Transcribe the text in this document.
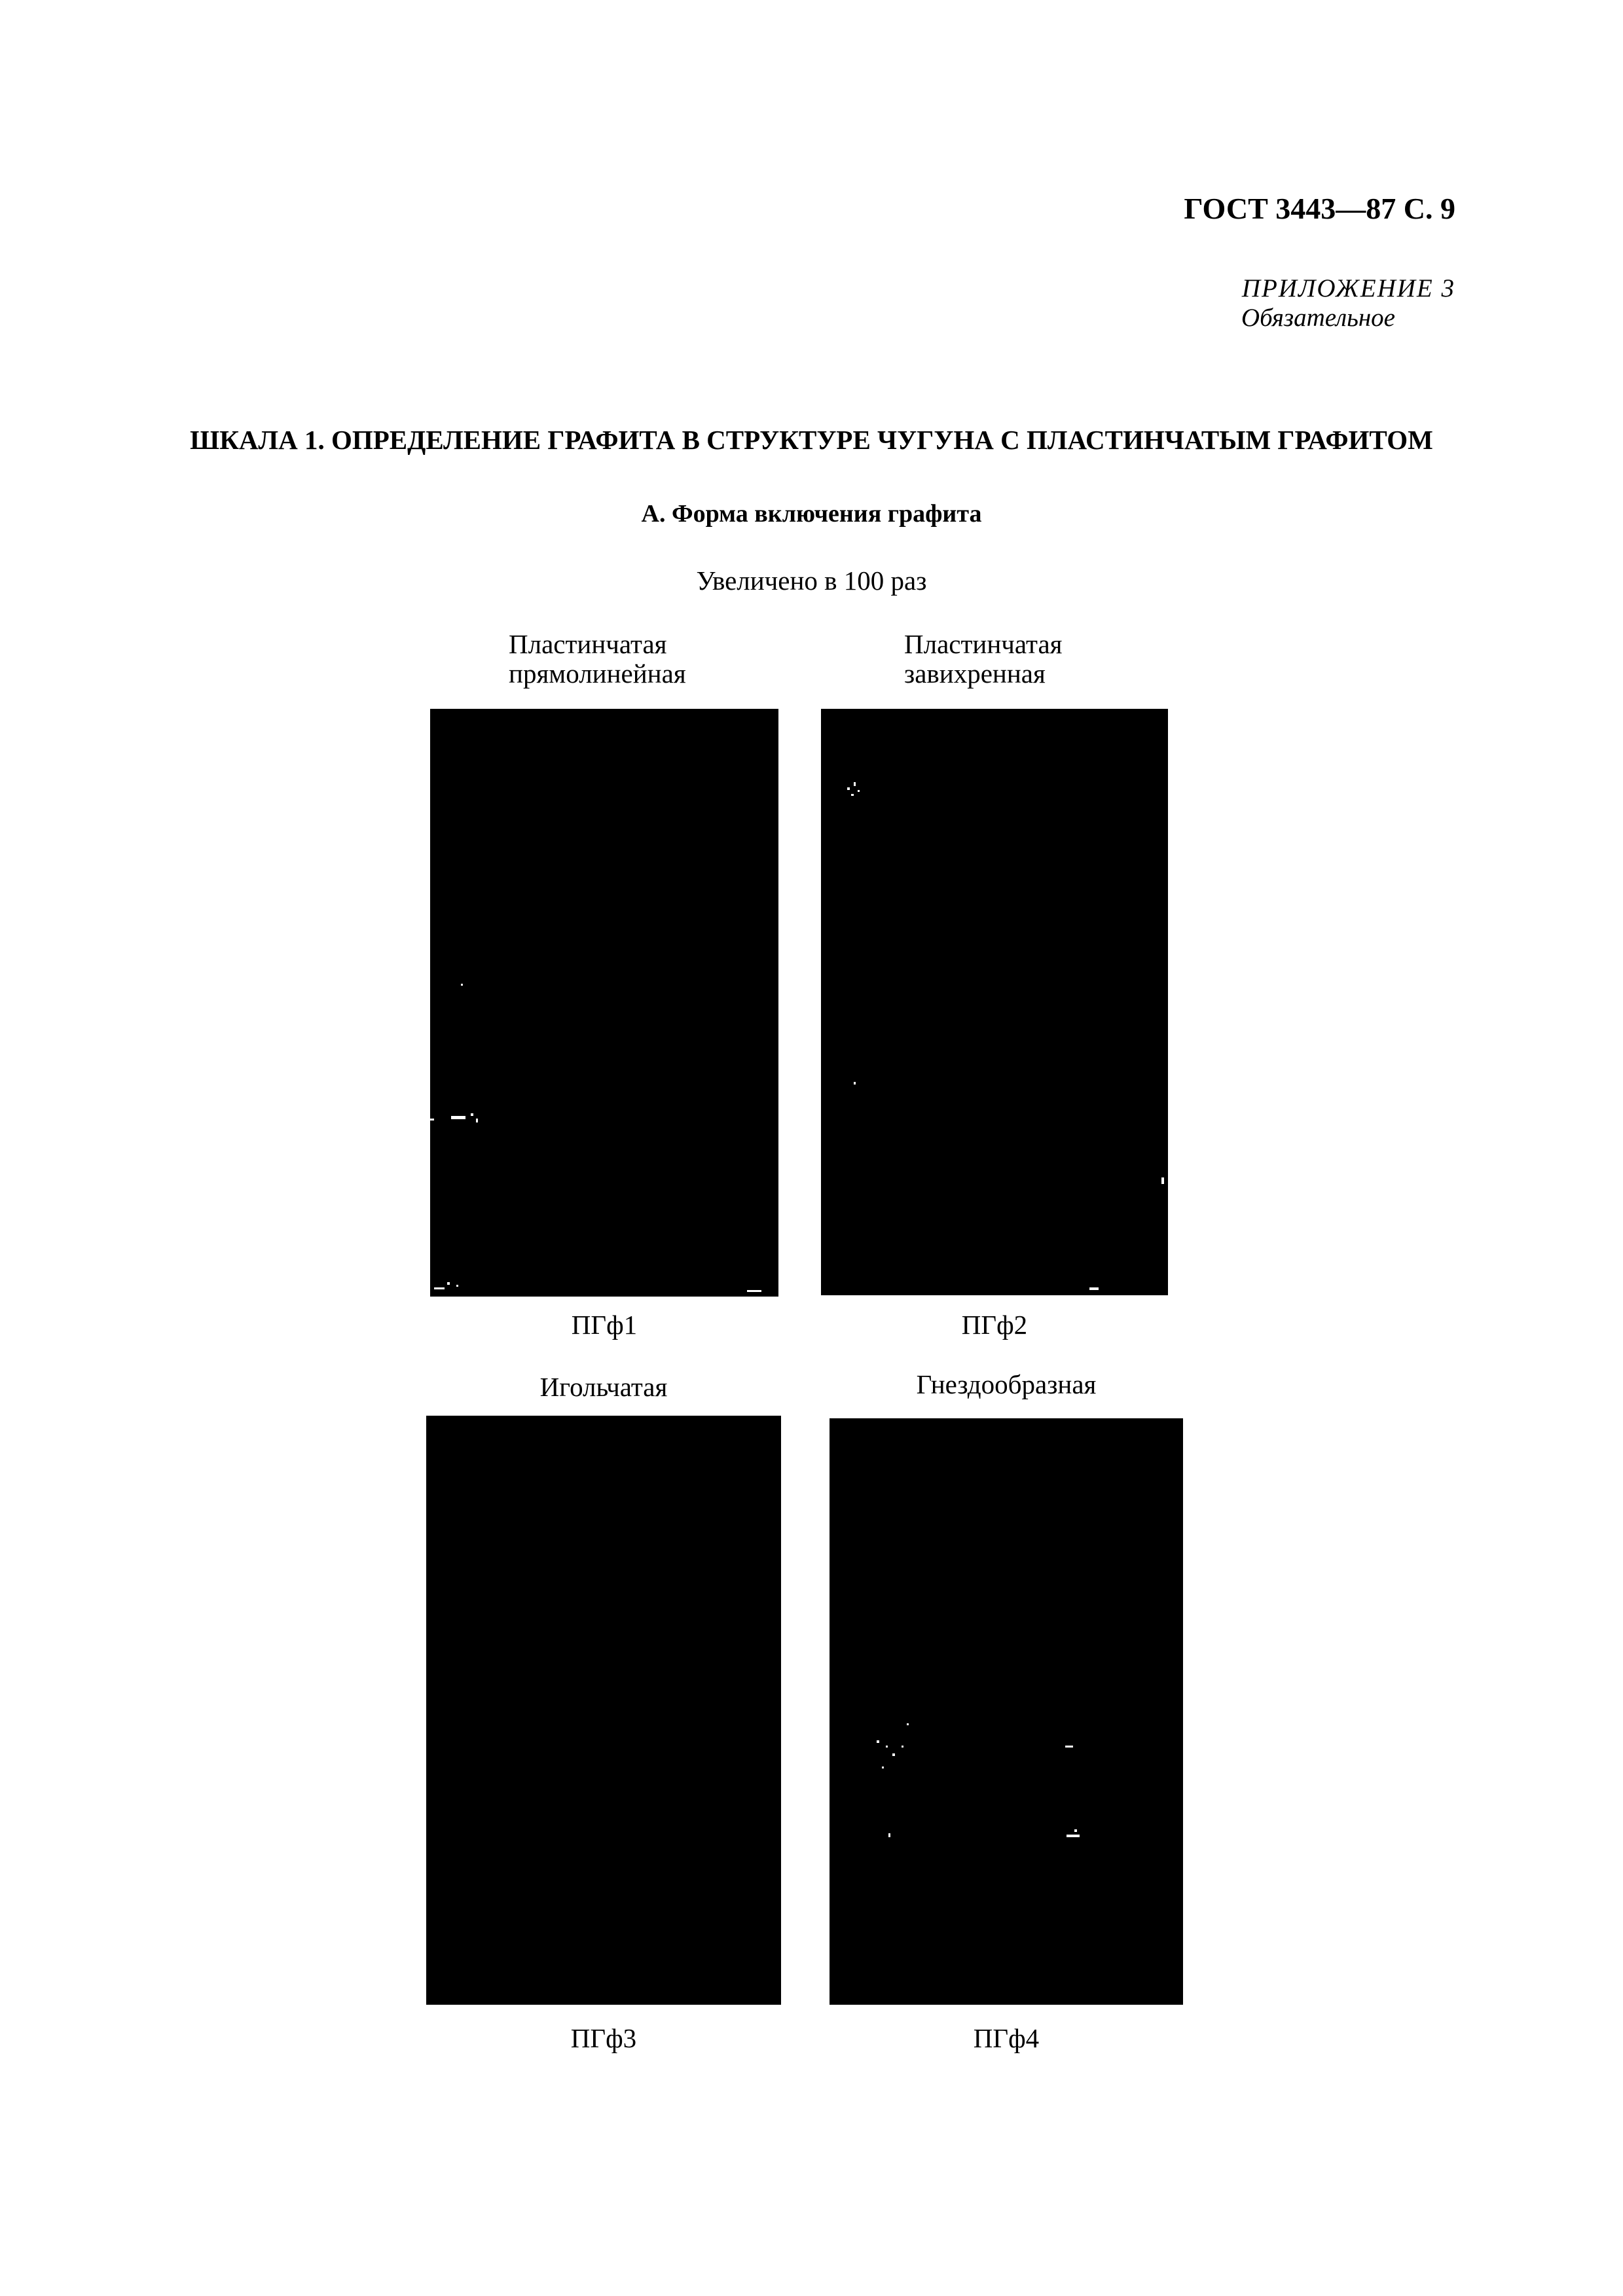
ГОСТ 3443—87 С. 9
ПРИЛОЖЕНИЕ 3
Обязательное
ШКАЛА 1. ОПРЕДЕЛЕНИЕ ГРАФИТА В СТРУКТУРЕ ЧУГУНА С ПЛАСТИНЧАТЫМ ГРАФИТОМ
А. Форма включения графита
Увеличено в 100 раз
Пластинчатая
прямолинейная
ПГф1
Пластинчатая
завихренная
ПГф2
Игольчатая
ПГф3
Гнездообразная
ПГф4
